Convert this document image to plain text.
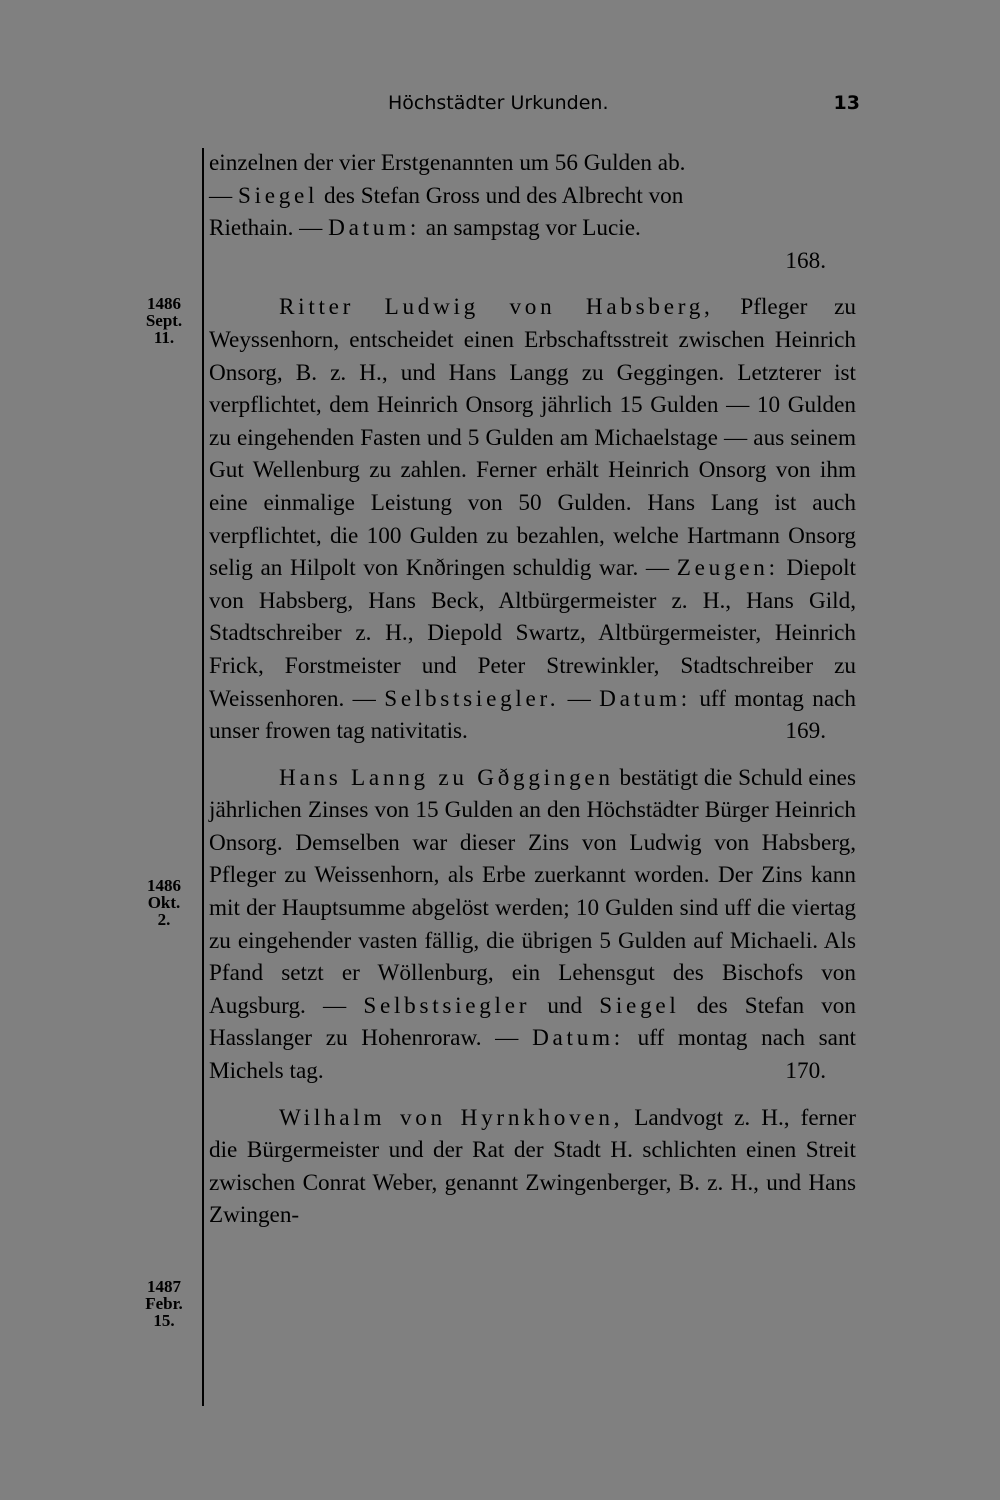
Höchstädter Urkunden.	13
1486
Sept.
11.
1486
Okt.
2.
1487
Febr.
15.
einzelnen der vier Erstgenannten um 56 Gulden ab.
— Siegel des Stefan Gross und des Albrecht von
Riethain. — Datum: an sampstag vor Lucie.
168.
Ritter Ludwig von Habsberg, Pfleger zu Weyssenhorn, entscheidet einen Erbschaftsstreit zwischen Heinrich Onsorg, B. z. H., und Hans Langg zu Geggingen. Letzterer ist verpflichtet, dem Heinrich Onsorg jährlich 15 Gulden — 10 Gulden zu eingehenden Fasten und 5 Gulden am Michaelstage — aus seinem Gut Wellenburg zu zahlen. Ferner erhält Heinrich Onsorg von ihm eine einmalige Leistung von 50 Gulden. Hans Lang ist auch verpflichtet, die 100 Gulden zu bezahlen, welche Hartmann Onsorg selig an Hilpolt von Knðringen schuldig war. — Zeugen: Diepolt von Habsberg, Hans Beck, Altbürgermeister z. H., Hans Gild, Stadtschreiber z. H., Diepold Swartz, Altbürgermeister, Heinrich Frick, Forstmeister und Peter Strewinkler, Stadtschreiber zu Weissenhoren. — Selbstsiegler. — Datum: uff montag nach unser frowen tag nativitatis.	169.
Hans Lanng zu Gðggingen bestätigt die Schuld eines jährlichen Zinses von 15 Gulden an den Höchstädter Bürger Heinrich Onsorg. Demselben war dieser Zins von Ludwig von Habsberg, Pfleger zu Weissenhorn, als Erbe zuerkannt worden. Der Zins kann mit der Hauptsumme abgelöst werden; 10 Gulden sind uff die viertag zu eingehender vasten fällig, die übrigen 5 Gulden auf Michaeli. Als Pfand setzt er Wöllenburg, ein Lehensgut des Bischofs von Augsburg. — Selbstsiegler und Siegel des Stefan von Hasslanger zu Hohenroraw. — Datum: uff montag nach sant Michels tag.	170.
Wilhalm von Hyrnkhoven, Landvogt z. H., ferner die Bürgermeister und der Rat der Stadt H. schlichten einen Streit zwischen Conrat Weber, genannt Zwingenberger, B. z. H., und Hans Zwingen-
